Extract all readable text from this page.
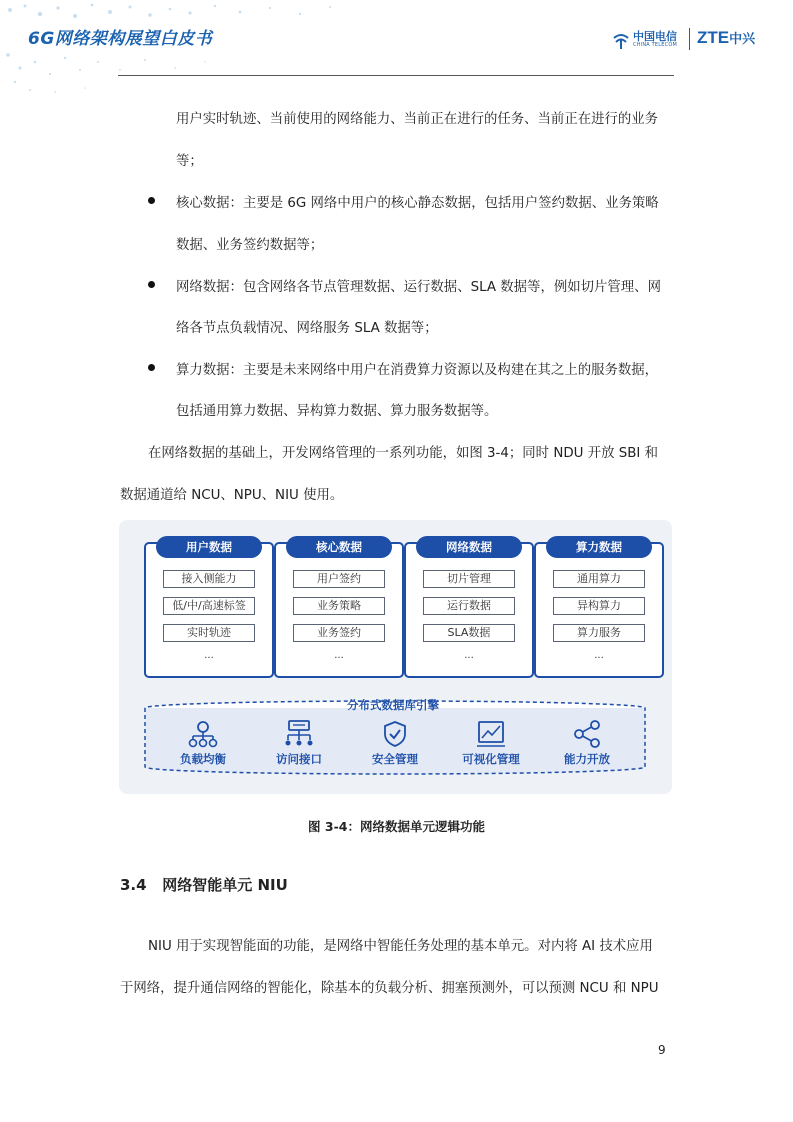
6G网络架构展望白皮书	中国电信
CHINA TELECOM ZTE中兴
用户实时轨迹、当前使用的网络能力、当前正在进行的任务、当前正在进行的业务
等；
核心数据：主要是 6G 网络中用户的核心静态数据，包括用户签约数据、业务策略
数据、业务签约数据等；
网络数据：包含网络各节点管理数据、运行数据、SLA 数据等，例如切片管理、网
络各节点负载情况、网络服务 SLA 数据等；
算力数据：主要是未来网络中用户在消费算力资源以及构建在其之上的服务数据，
包括通用算力数据、异构算力数据、算力服务数据等。
在网络数据的基础上，开发网络管理的一系列功能，如图 3-4；同时 NDU 开放 SBI 和
数据通道给 NCU、NPU、NIU 使用。
用户数据
接入侧能力
低/中/高速标签
实时轨迹
...
核心数据
用户签约
业务策略
业务签约
...
网络数据
切片管理
运行数据
SLA数据
...
算力数据
通用算力
异构算力
算力服务
...
分布式数据库引擎
负载均衡	访问接口	安全管理	可视化管理	能力开放
图 3-4：网络数据单元逻辑功能
3.4   网络智能单元 NIU
NIU 用于实现智能面的功能，是网络中智能任务处理的基本单元。对内将 AI 技术应用
于网络，提升通信网络的智能化，除基本的负载分析、拥塞预测外，可以预测 NCU 和 NPU
9
